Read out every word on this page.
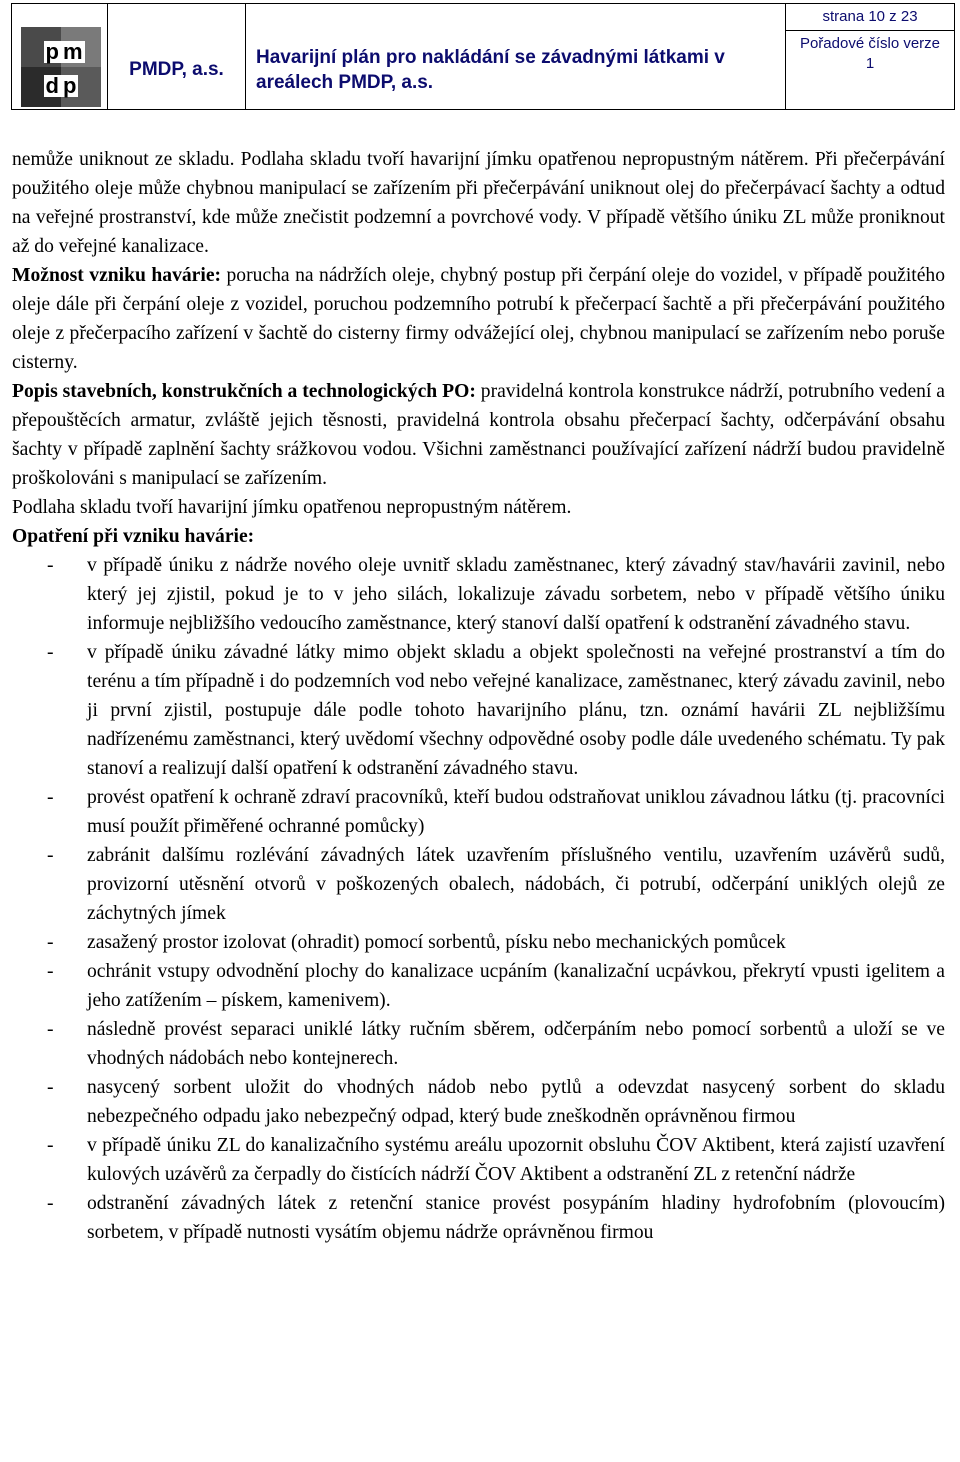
p m
d p
PMDP, a.s.
Havarijní plán pro nakládání se závadnými látkami v areálech PMDP, a.s.
strana 10 z 23
Pořadové číslo verze
1

nemůže uniknout ze skladu. Podlaha skladu tvoří havarijní jímku opatřenou nepropustným nátěrem. Při přečerpávání použitého oleje může chybnou manipulací se zařízením při přečerpávání uniknout olej do přečerpávací šachty a odtud na veřejné prostranství, kde může znečistit podzemní a povrchové vody. V případě většího úniku ZL může proniknout až do veřejné kanalizace.

Možnost vzniku havárie: porucha na nádržích oleje, chybný postup při čerpání oleje do vozidel, v případě použitého oleje dále při čerpání oleje z vozidel, poruchou podzemního potrubí k přečerpací šachtě a při přečerpávání použitého oleje z přečerpacího zařízení v šachtě do cisterny firmy odvážející olej, chybnou manipulací se zařízením nebo poruše cisterny.

Popis stavebních, konstrukčních a technologických PO: pravidelná kontrola konstrukce nádrží, potrubního vedení a přepouštěcích armatur, zvláště jejich těsnosti, pravidelná kontrola obsahu přečerpací šachty, odčerpávání obsahu šachty v případě zaplnění šachty srážkovou vodou. Všichni zaměstnanci používající zařízení nádrží budou pravidelně proškolováni s manipulací se zařízením.

Podlaha skladu tvoří havarijní jímku opatřenou nepropustným nátěrem.

Opatření při vzniku havárie:

- v případě úniku z nádrže nového oleje uvnitř skladu zaměstnanec, který závadný stav/havárii zavinil, nebo který jej zjistil, pokud je to v jeho silách, lokalizuje závadu sorbetem, nebo v případě většího úniku informuje nejbližšího vedoucího zaměstnance, který stanoví další opatření k odstranění závadného stavu.
- v případě úniku závadné látky mimo objekt skladu a objekt společnosti na veřejné prostranství a tím do terénu a tím případně i do podzemních vod nebo veřejné kanalizace, zaměstnanec, který závadu zavinil, nebo ji první zjistil, postupuje dále podle tohoto havarijního plánu, tzn. oznámí havárii ZL nejbližšímu nadřízenému zaměstnanci, který uvědomí všechny odpovědné osoby podle dále uvedeného schématu. Ty pak stanoví a realizují další opatření k odstranění závadného stavu.
- provést opatření k ochraně zdraví pracovníků, kteří budou odstraňovat uniklou závadnou látku (tj. pracovníci musí použít přiměřené ochranné pomůcky)
- zabránit dalšímu rozlévání závadných látek uzavřením příslušného ventilu, uzavřením uzávěrů sudů, provizorní utěsnění otvorů v poškozených obalech, nádobách, či potrubí, odčerpání uniklých olejů ze záchytných jímek
- zasažený prostor izolovat (ohradit) pomocí sorbentů, písku nebo mechanických pomůcek
- ochránit vstupy odvodnění plochy do kanalizace ucpáním (kanalizační ucpávkou, překrytí vpusti igelitem a jeho zatížením – pískem, kamenivem).
- následně provést separaci uniklé látky ručním sběrem, odčerpáním nebo pomocí sorbentů a uloží se ve vhodných nádobách nebo kontejnerech.
- nasycený sorbent uložit do vhodných nádob nebo pytlů a odevzdat nasycený sorbent do skladu nebezpečného odpadu jako nebezpečný odpad, který bude zneškodněn oprávněnou firmou
- v případě úniku ZL do kanalizačního systému areálu upozornit obsluhu ČOV Aktibent, která zajistí uzavření kulových uzávěrů za čerpadly do čistících nádrží ČOV Aktibent a odstranění ZL z retenční nádrže
- odstranění závadných látek z retenční stanice provést posypáním hladiny hydrofobním (plovoucím) sorbetem, v případě nutnosti vysátím objemu nádrže oprávněnou firmou
